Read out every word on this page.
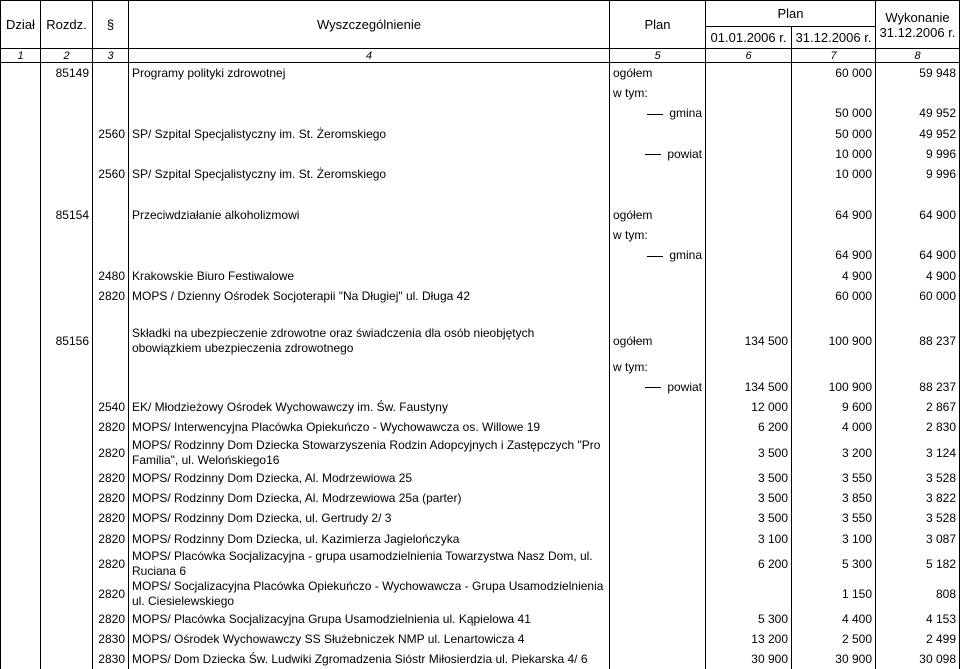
Dział	Rozdz.	§	Wyszczególnienie	Plan	Plan		Wykonanie
31.12.2006 r.

					01.01.2006 r.	31.12.2006 r.	
1	2	3	4	5	6	7	8
	85149		Programy polityki zdrowotnej	ogółem		60 000	59 948
				w tym:			
				gmina		50 000	49 952
		2560	SP/ Szpital Specjalistyczny im. St. Żeromskiego			50 000	49 952
				powiat		10 000	9 996
		2560	SP/ Szpital Specjalistyczny im. St. Żeromskiego			10 000	9 996

	85154		Przeciwdziałanie alkoholizmowi	ogółem		64 900	64 900
				w tym:			
				gmina		64 900	64 900
		2480	Krakowskie Biuro Festiwalowe			4 900	4 900
		2820	MOPS / Dzienny Ośrodek Socjoterapii "Na Długiej" ul. Długa 42			60 000	60 000

	85156		Składki na ubezpieczenie zdrowotne oraz świadczenia dla osób nieobjętych obowiązkiem ubezpieczenia zdrowotnego	ogółem	134 500	100 900	88 237
				w tym:			
				powiat	134 500	100 900	88 237
		2540	EK/ Młodzieżowy Ośrodek Wychowawczy im. Św. Faustyny		12 000	9 600	2 867
		2820	MOPS/ Interwencyjna Placówka Opiekuńczo - Wychowawcza os. Willowe 19		6 200	4 000	2 830
		2820	MOPS/ Rodzinny Dom Dziecka Stowarzyszenia Rodzin Adopcyjnych i Zastępczych "Pro Familia", ul. Welońskiego16		3 500	3 200	3 124
		2820	MOPS/ Rodzinny Dom Dziecka, Al. Modrzewiowa 25		3 500	3 550	3 528
		2820	MOPS/ Rodzinny Dom Dziecka, Al. Modrzewiowa 25a (parter)		3 500	3 850	3 822
		2820	MOPS/ Rodzinny Dom Dziecka, ul. Gertrudy 2/ 3		3 500	3 550	3 528
		2820	MOPS/ Rodzinny Dom Dziecka, ul. Kazimierza Jagielończyka		3 100	3 100	3 087
		2820	MOPS/ Placówka Socjalizacyjna - grupa usamodzielnienia Towarzystwa Nasz Dom, ul. Ruciana 6		6 200	5 300	5 182
		2820	MOPS/ Socjalizacyjna Placówka Opiekuńczo - Wychowawcza - Grupa Usamodzielnienia ul. Ciesielewskiego			1 150	808
		2820	MOPS/ Placówka Socjalizacyjna Grupa Usamodzielnienia ul. Kąpielowa 41		5 300	4 400	4 153
		2830	MOPS/ Ośrodek Wychowawczy SS Służebniczek NMP ul. Lenartowicza 4		13 200	2 500	2 499
		2830	MOPS/ Dom Dziecka Św. Ludwiki Zgromadzenia Sióstr Miłosierdzia ul. Piekarska 4/ 6		30 900	30 900	30 098
